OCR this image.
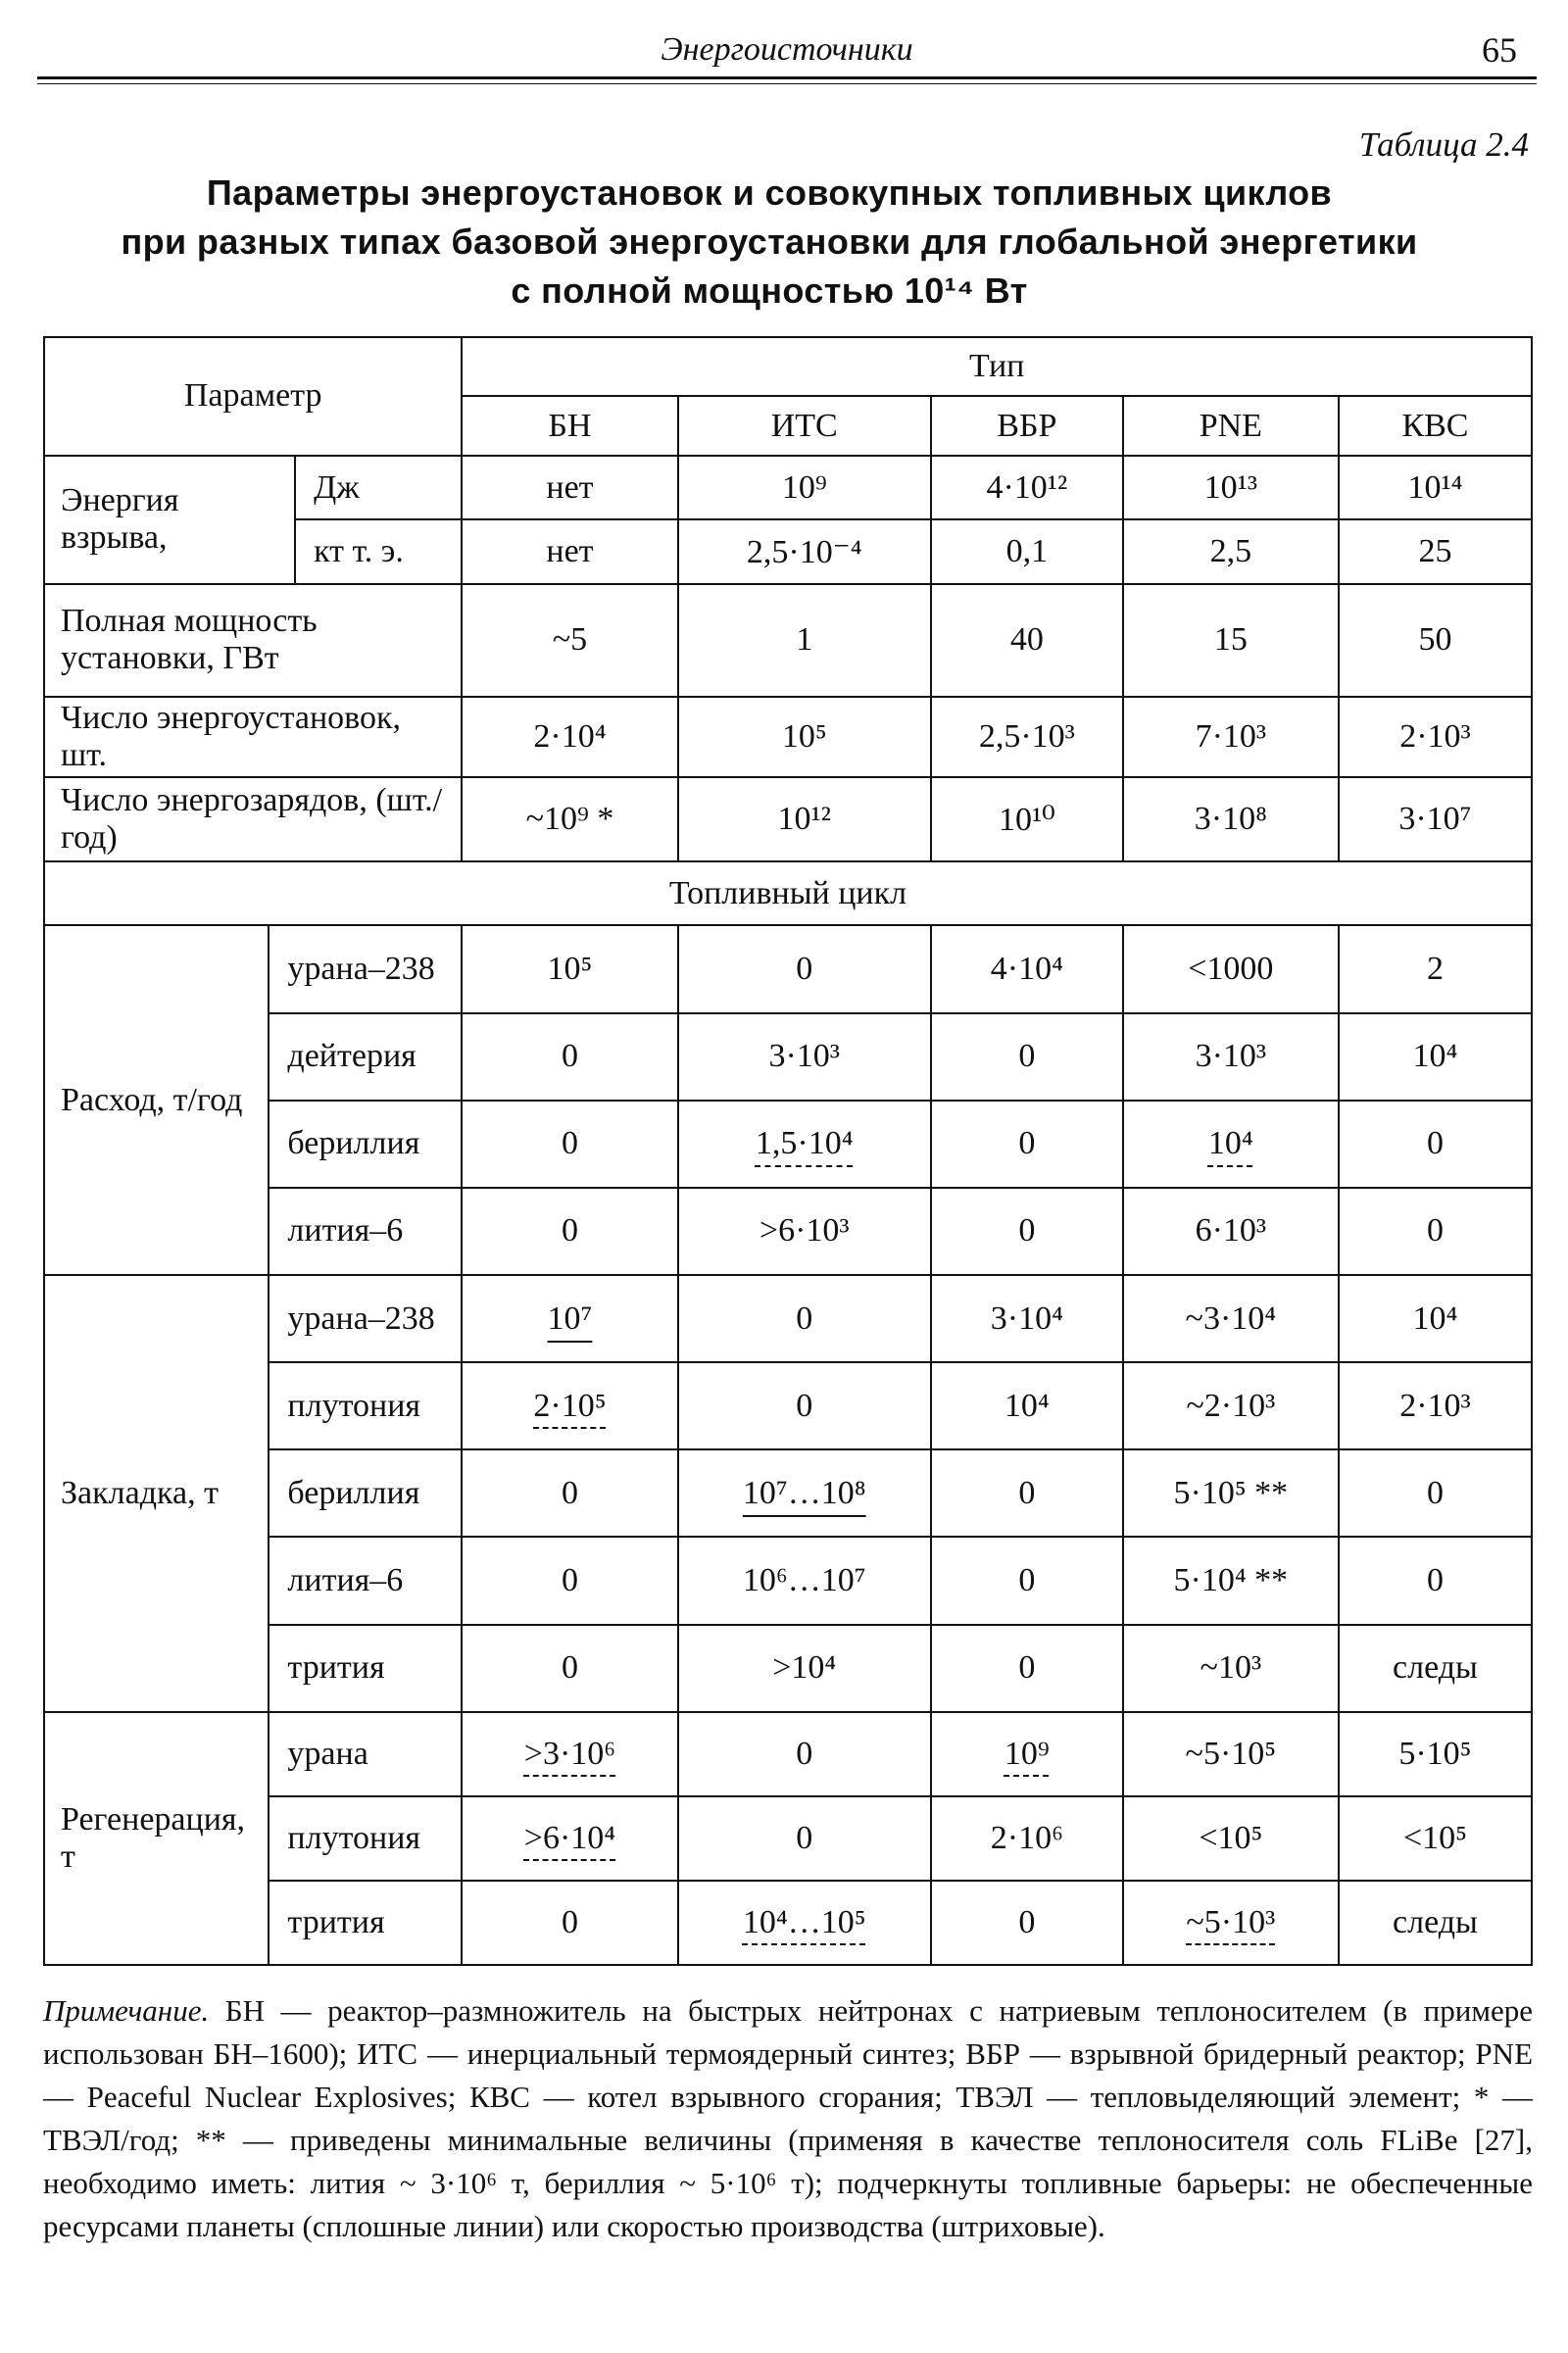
Энергоисточники	65
Таблица 2.4
Параметры энергоустановок и совокупных топливных циклов
при разных типах базовой энергоустановки для глобальной энергетики
с полной мощностью 10¹⁴ Вт
Параметр			Тип				
			БН	ИТС	ВБР	PNE	КВС
Энергия взрыва,		Дж	нет	10⁹	4·10¹²	10¹³	10¹⁴
		кт т. э.	нет	2,5·10⁻⁴	0,1	2,5	25
Полная мощность установки, ГВт			~5	1	40	15	50
Число энергоустановок, шт.			2·10⁴	10⁵	2,5·10³	7·10³	2·10³
Число энергозарядов, (шт./год)			~10⁹ *	10¹²	10¹⁰	3·10⁸	3·10⁷
Топливный цикл							
Расход, т/год	урана–238		10⁵	0	4·10⁴	<1000	2
	дейтерия		0	3·10³	0	3·10³	10⁴
	бериллия		0	1,5·10⁴	0	10⁴	0
	лития–6		0	>6·10³	0	6·10³	0
Закладка, т	урана–238		10⁷	0	3·10⁴	~3·10⁴	10⁴
	плутония		2·10⁵	0	10⁴	~2·10³	2·10³
	бериллия		0	10⁷…10⁸	0	5·10⁵ **	0
	лития–6		0	10⁶…10⁷	0	5·10⁴ **	0
	трития		0	>10⁴	0	~10³	следы
Регенерация, т	урана		>3·10⁶	0	10⁹	~5·10⁵	5·10⁵
	плутония		>6·10⁴	0	2·10⁶	<10⁵	<10⁵
	трития		0	10⁴…10⁵	0	~5·10³	следы
Примечание. БН — реактор–размножитель на быстрых нейтронах с натриевым теплоносителем (в примере использован БН–1600); ИТС — инерциальный термоядерный синтез; ВБР — взрывной бридерный реактор; PNE — Peaceful Nuclear Explosives; КВС — котел взрывного сгорания; ТВЭЛ — тепловыделяющий элемент; * — ТВЭЛ/год; ** — приведены минимальные величины (применяя в качестве теплоносителя соль FLiBe [27], необходимо иметь: лития ~ 3·10⁶ т, бериллия ~ 5·10⁶ т); подчеркнуты топливные барьеры: не обеспеченные ресурсами планеты (сплошные линии) или скоростью производства (штриховые).
